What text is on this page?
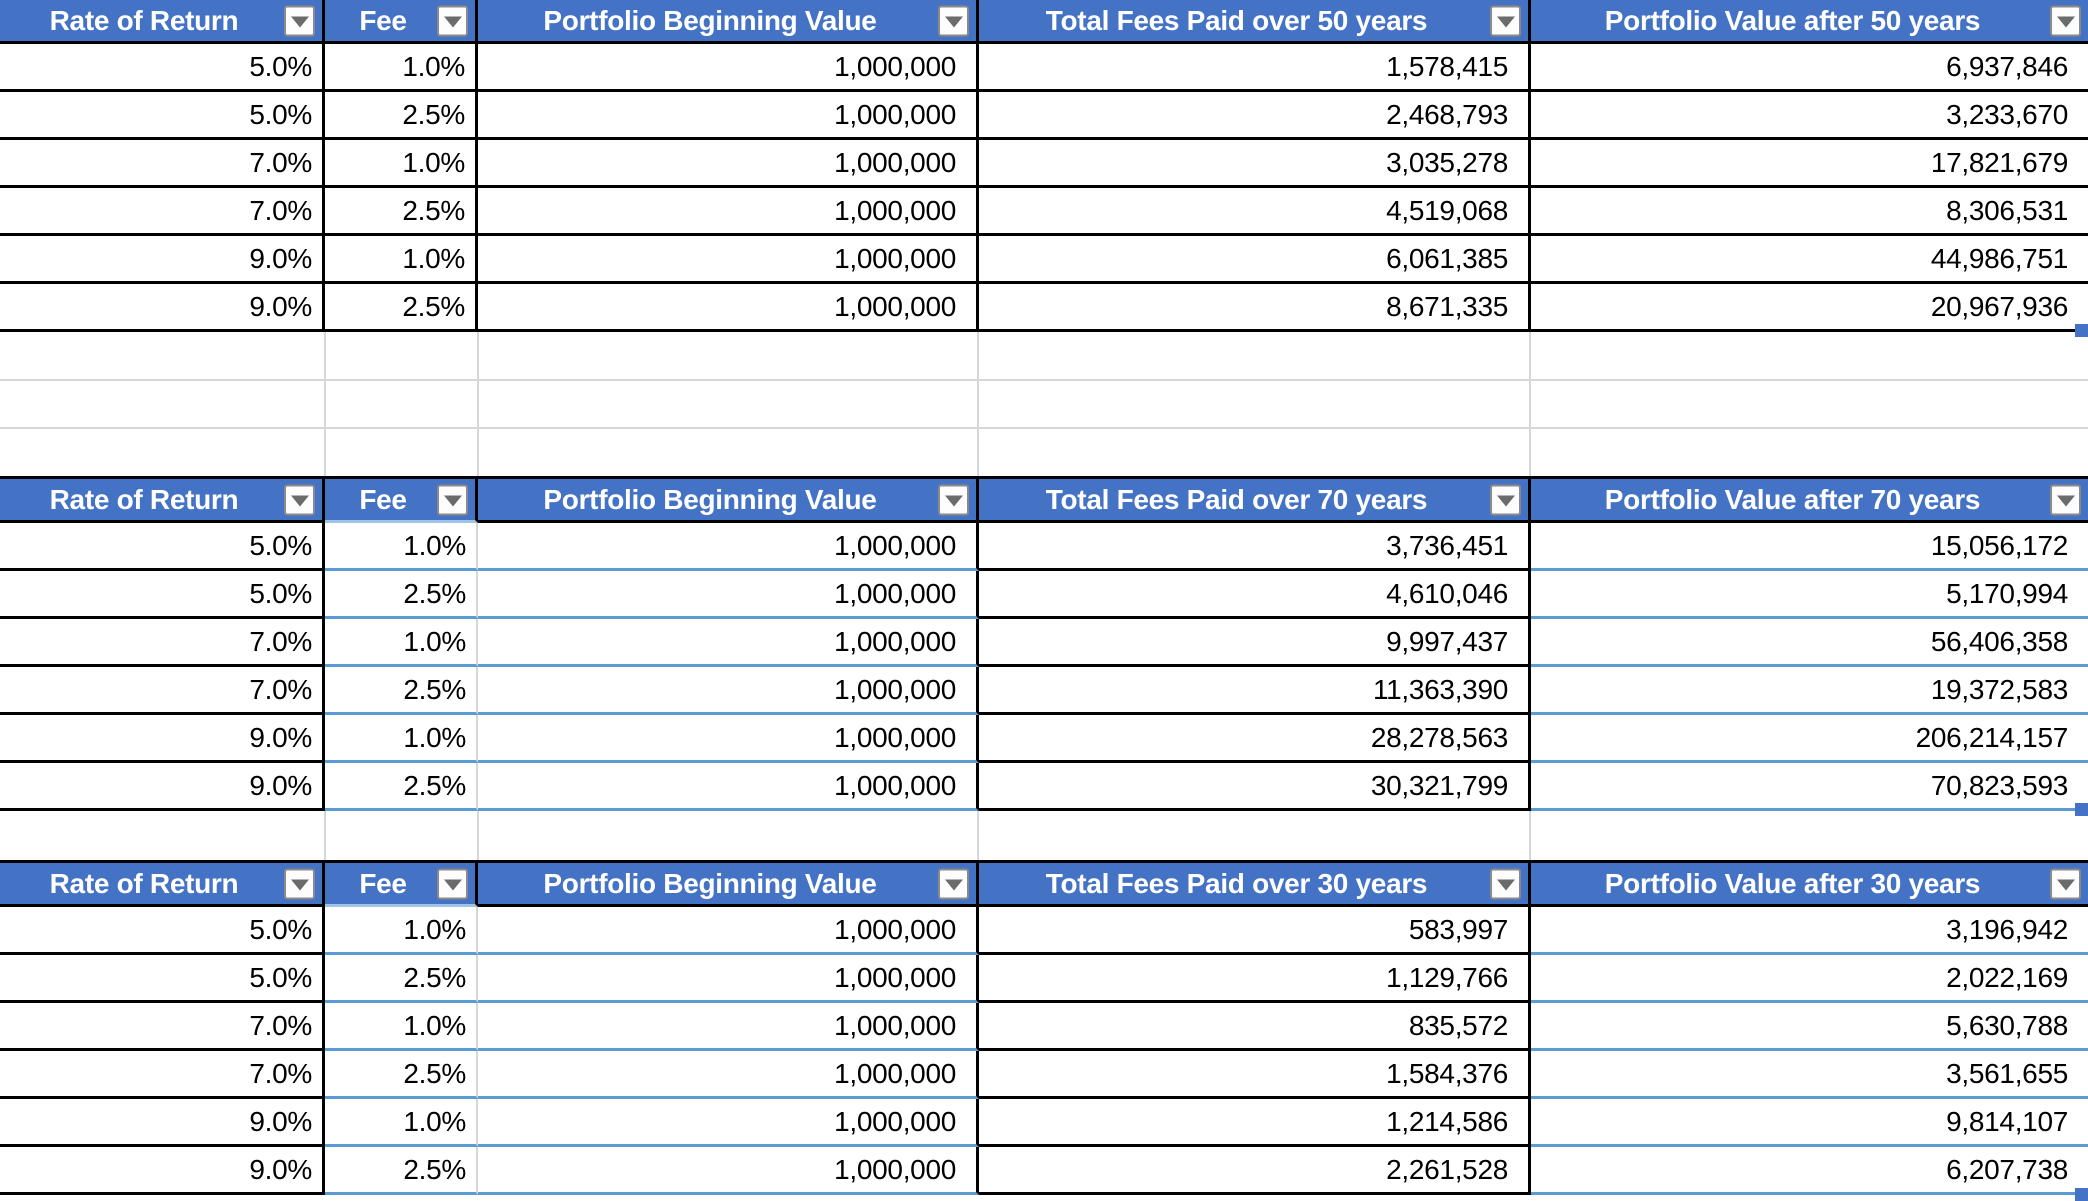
Rate of Return	Fee	Portfolio Beginning Value	Total Fees Paid over 50 years	Portfolio Value after 50 years
5.0%	1.0%	1,000,000	1,578,415	6,937,846
5.0%	2.5%	1,000,000	2,468,793	3,233,670
7.0%	1.0%	1,000,000	3,035,278	17,821,679
7.0%	2.5%	1,000,000	4,519,068	8,306,531
9.0%	1.0%	1,000,000	6,061,385	44,986,751
9.0%	2.5%	1,000,000	8,671,335	20,967,936
Rate of Return	Fee	Portfolio Beginning Value	Total Fees Paid over 70 years	Portfolio Value after 70 years
5.0%	1.0%	1,000,000	3,736,451	15,056,172
5.0%	2.5%	1,000,000	4,610,046	5,170,994
7.0%	1.0%	1,000,000	9,997,437	56,406,358
7.0%	2.5%	1,000,000	11,363,390	19,372,583
9.0%	1.0%	1,000,000	28,278,563	206,214,157
9.0%	2.5%	1,000,000	30,321,799	70,823,593
Rate of Return	Fee	Portfolio Beginning Value	Total Fees Paid over 30 years	Portfolio Value after 30 years
5.0%	1.0%	1,000,000	583,997	3,196,942
5.0%	2.5%	1,000,000	1,129,766	2,022,169
7.0%	1.0%	1,000,000	835,572	5,630,788
7.0%	2.5%	1,000,000	1,584,376	3,561,655
9.0%	1.0%	1,000,000	1,214,586	9,814,107
9.0%	2.5%	1,000,000	2,261,528	6,207,738
